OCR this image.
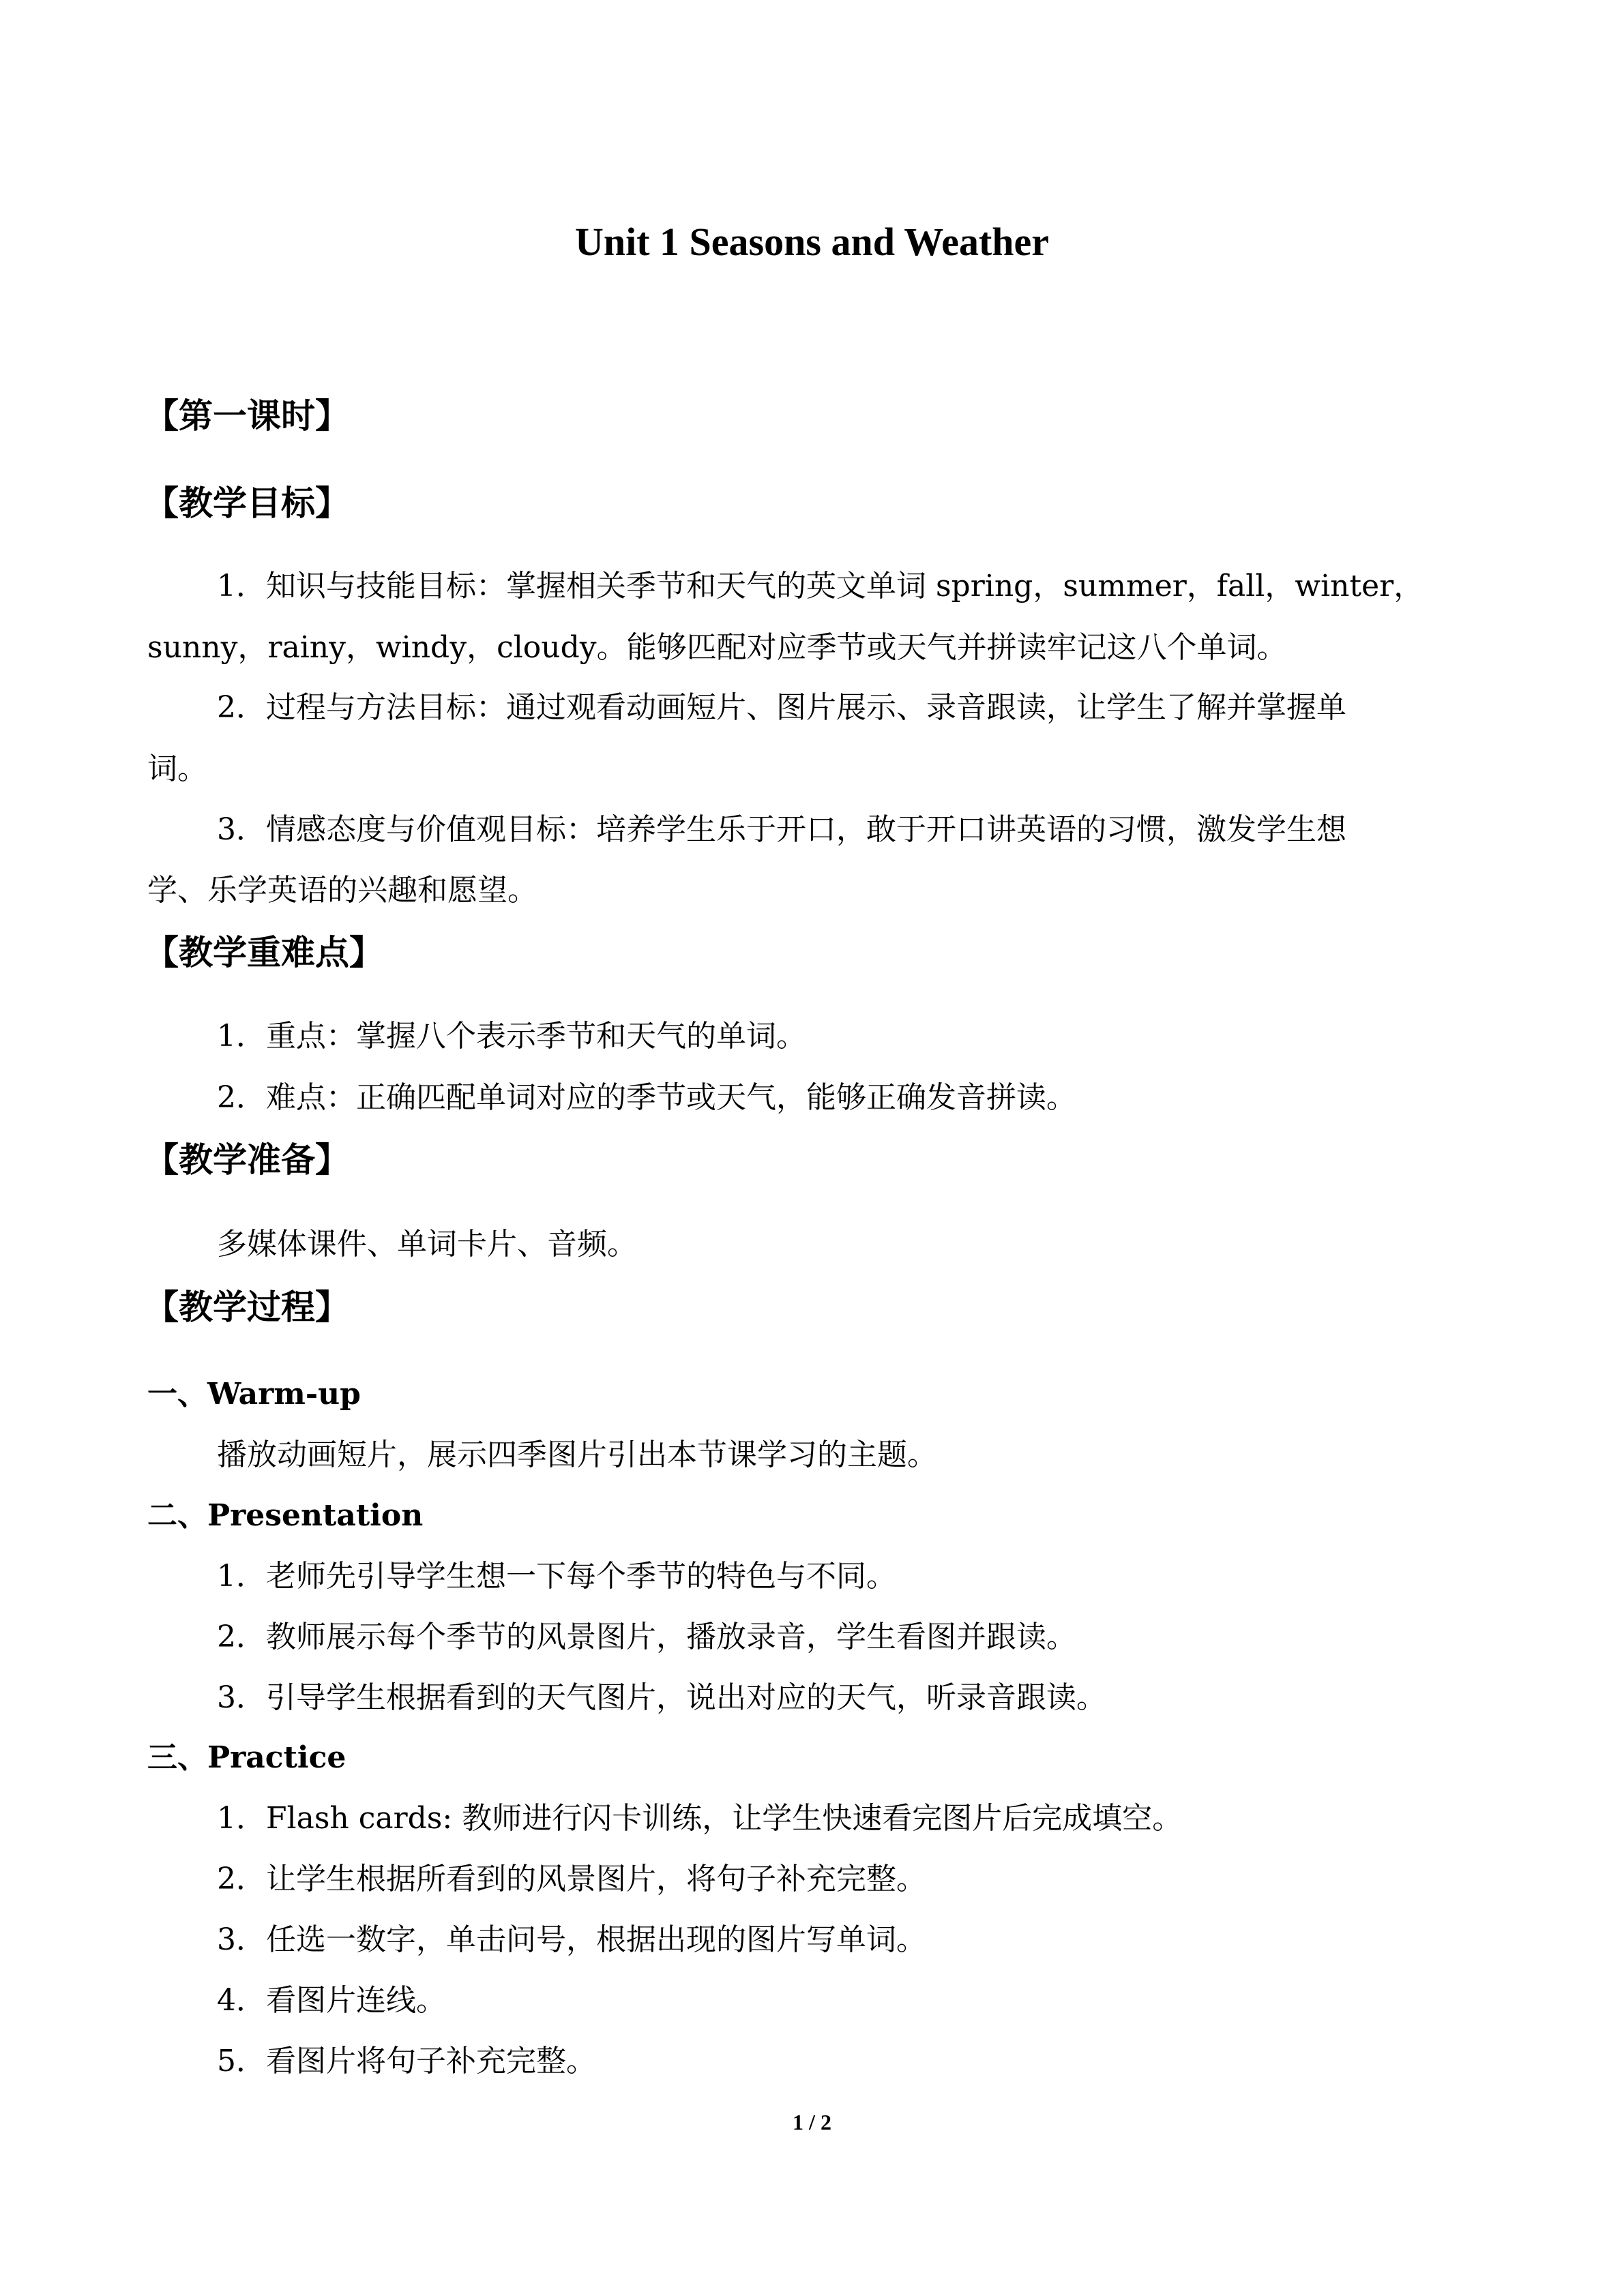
Unit 1 Seasons and Weather
【第一课时】
【教学目标】
1．知识与技能目标：掌握相关季节和天气的英文单词 spring，summer，fall，winter，
sunny，rainy，windy，cloudy。能够匹配对应季节或天气并拼读牢记这八个单词。
2．过程与方法目标：通过观看动画短片、图片展示、录音跟读，让学生了解并掌握单
词。
3．情感态度与价值观目标：培养学生乐于开口，敢于开口讲英语的习惯，激发学生想
学、乐学英语的兴趣和愿望。
【教学重难点】
1．重点：掌握八个表示季节和天气的单词。
2．难点：正确匹配单词对应的季节或天气，能够正确发音拼读。
【教学准备】
多媒体课件、单词卡片、音频。
【教学过程】
一、Warm-up
播放动画短片，展示四季图片引出本节课学习的主题。
二、Presentation
1．老师先引导学生想一下每个季节的特色与不同。
2．教师展示每个季节的风景图片，播放录音，学生看图并跟读。
3．引导学生根据看到的天气图片，说出对应的天气，听录音跟读。
三、Practice
1．Flash cards: 教师进行闪卡训练，让学生快速看完图片后完成填空。
2．让学生根据所看到的风景图片，将句子补充完整。
3．任选一数字，单击问号，根据出现的图片写单词。
4．看图片连线。
5．看图片将句子补充完整。
1 / 2
